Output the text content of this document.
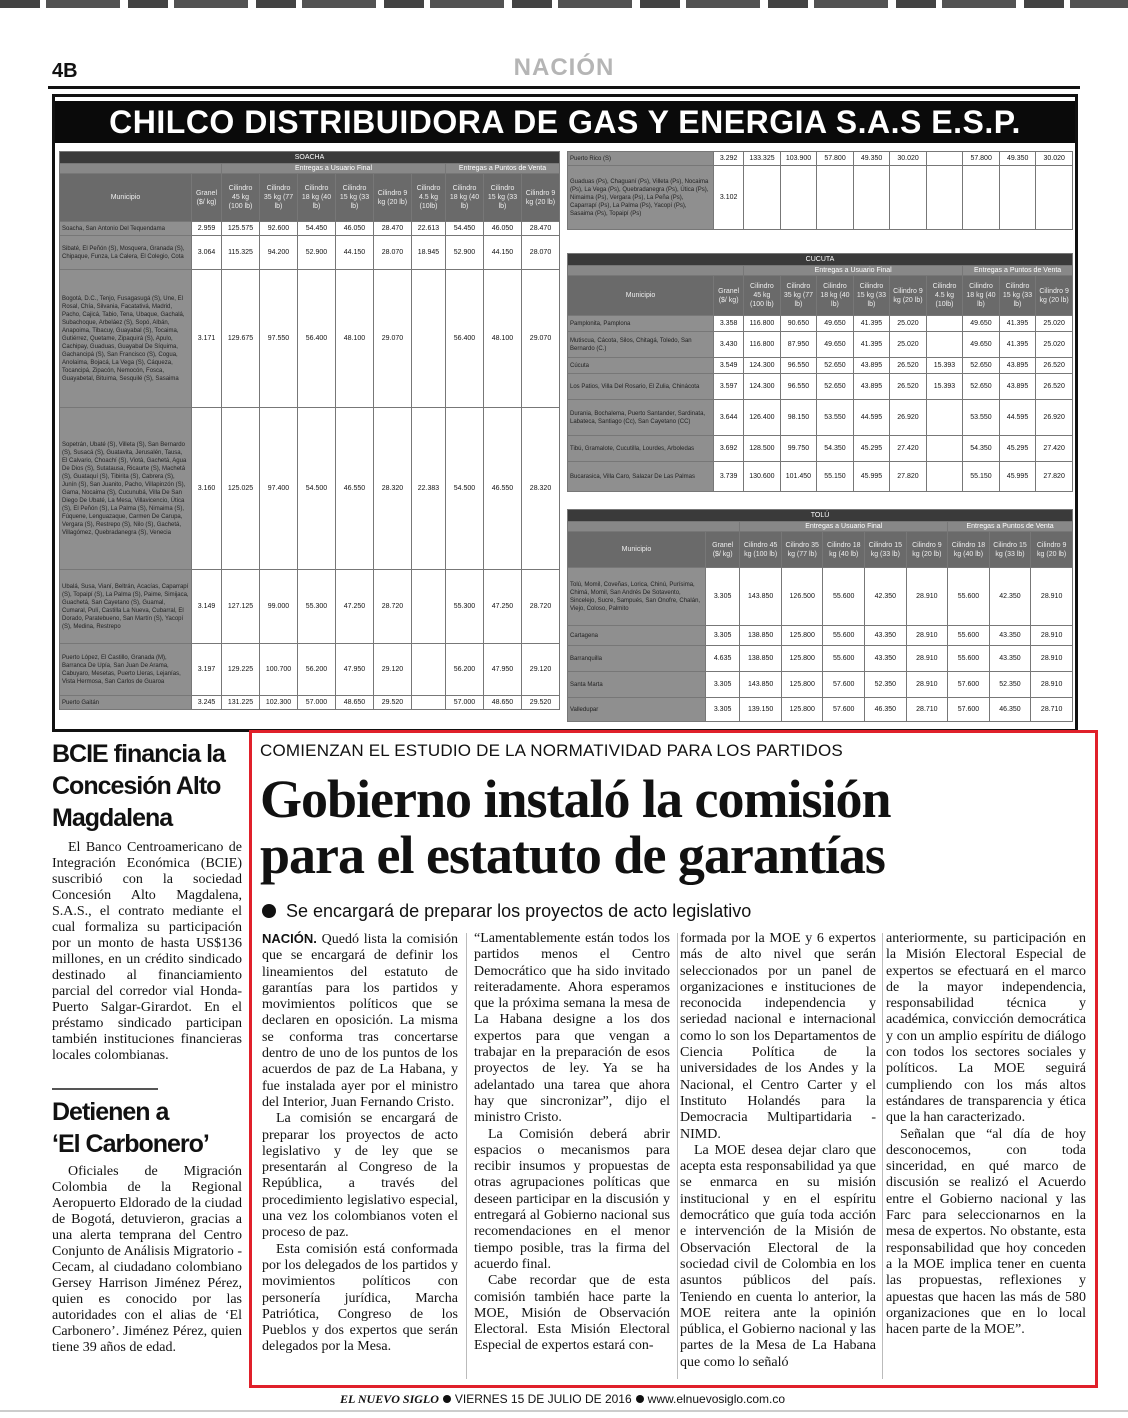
4B	NACIÓN
CHILCO DISTRIBUIDORA DE GAS Y ENERGIA S.A.S E.S.P.
SOACHA										
		Entregas a Usuario Final						Entregas a Puntos de Venta		
Municipio	Granel ($/ kg)	Cilindro 45 kg (100 lb)	Cilindro 35 kg (77 lb)	Cilindro 18 kg (40 lb)	Cilindro 15 kg (33 lb)	Cilindro 9 kg (20 lb)	Cilindro 4.5 kg (10lb)	Cilindro 18 kg (40 lb)	Cilindro 15 kg (33 lb)	Cilindro 9 kg (20 lb)
Soacha, San Antonio Del Tequendama	2.959	125.575	92.600	54.450	46.050	28.470	22.613	54.450	46.050	28.470
Sibaté, El Peñón (S), Mosquera, Granada (S), Chipaque, Funza, La Calera, El Colegio, Cota	3.064	115.325	94.200	52.900	44.150	28.070	18.945	52.900	44.150	28.070
Bogotá, D.C., Tenjo, Fusagasugá (S), Une, El Rosal, Chía, Silvania, Facatativá, Madrid, Pacho, Cajicá, Tabio, Tena, Ubaque, Gachalá, Subachoque, Arbeláez (S), Sopó, Albán, Anapoima, Tibacuy, Guayabal (S), Tocaima, Gutiérrez, Quetame, Zipaquirá (S), Apulo, Cachipay, Guaduas, Guayabal De Síquima, Gachancipá (S), San Francisco (S), Cogua, Anolaima, Bojacá, La Vega (S), Cáqueza, Tocancipá, Zipacón, Nemocón, Fosca, Guayabetal, Bituima, Sesquilé (S), Sasaima	3.171	129.675	97.550	56.400	48.100	29.070		56.400	48.100	29.070
Sopetrán, Ubaté (S), Villeta (S), San Bernardo (S), Susacá (S), Guatavita, Jerusalén, Tausa, El Calvario, Choachí (S), Viotá, Gachetá, Agua De Dios (S), Sutatausa, Ricaurte (S), Machetá (S), Guataquí (S), Tibirita (S), Cabrera (S), Junín (S), San Juanito, Pacho, Villapinzón (S), Gama, Nocaima (S), Cucunubá, Villa De San Diego De Ubaté, La Mesa, Villavicencio, Útica (S), El Peñón (S), La Palma (S), Nimaima (S), Fúquene, Lenguazaque, Carmen De Carupa, Vergara (S), Restrepo (S), Nilo (S), Gachetá, Villagómez, Quebradanegra (S), Venecia	3.160	125.025	97.400	54.500	46.550	28.320	22.383	54.500	46.550	28.320
Ubalá, Susa, Vianí, Beltrán, Acacías, Caparrapí (S), Topaipí (S), La Palma (S), Paime, Simijaca, Guachetá, San Cayetano (S), Guamal, Cumaral, Pulí, Castilla La Nueva, Cubarral, El Dorado, Paratebueno, San Martín (S), Yacopí (S), Medina, Restrepo	3.149	127.125	99.000	55.300	47.250	28.720		55.300	47.250	28.720
Puerto López, El Castillo, Granada (M), Barranca De Upía, San Juan De Arama, Cabuyaro, Mesetas, Puerto Lleras, Lejanías, Vista Hermosa, San Carlos de Guaroa	3.197	129.225	100.700	56.200	47.950	29.120		56.200	47.950	29.120
Puerto Gaitán	3.245	131.225	102.300	57.000	48.650	29.520		57.000	48.650	29.520
Puerto Rico (S)	3.292	133.325	103.900	57.800	49.350	30.020		57.800	49.350	30.020
Guaduas (Ps), Chaguaní (Ps), Villeta (Ps), Nocaima (Ps), La Vega (Ps), Quebradanegra (Ps), Útica (Ps), Nimaima (Ps), Vergara (Ps), La Peña (Ps), Caparrapí (Ps), La Palma (Ps), Yacopí (Ps), Sasaima (Ps), Topaipí (Ps)	3.102									
CUCUTA										
		Entregas a Usuario Final						Entregas a Puntos de Venta		
Municipio	Granel ($/ kg)	Cilindro 45 kg (100 lb)	Cilindro 35 kg (77 lb)	Cilindro 18 kg (40 lb)	Cilindro 15 kg (33 lb)	Cilindro 9 kg (20 lb)	Cilindro 4.5 kg (10lb)	Cilindro 18 kg (40 lb)	Cilindro 15 kg (33 lb)	Cilindro 9 kg (20 lb)
Pamplonita, Pamplona	3.358	116.800	90.650	49.650	41.395	25.020		49.650	41.395	25.020
Mutiscua, Cácota, Silos, Chitagá, Toledo, San Bernardo (C.)	3.430	116.800	87.950	49.650	41.395	25.020		49.650	41.395	25.020
Cúcuta	3.549	124.300	96.550	52.650	43.895	26.520	15.393	52.650	43.895	26.520
Los Patios, Villa Del Rosario, El Zulia, Chinácota	3.597	124.300	96.550	52.650	43.895	26.520	15.393	52.650	43.895	26.520
Durania, Bochalema, Puerto Santander, Sardinata, Labateca, Santiago (Cc), San Cayetano (CC)	3.644	126.400	98.150	53.550	44.595	26.920		53.550	44.595	26.920
Tibú, Gramalote, Cucutilla, Lourdes, Arboledas	3.692	128.500	99.750	54.350	45.295	27.420		54.350	45.295	27.420
Bucarasica, Villa Caro, Salazar De Las Palmas	3.739	130.600	101.450	55.150	45.995	27.820		55.150	45.995	27.820
TOLÚ									
		Entregas a Usuario Final					Entregas a Puntos de Venta		
Municipio	Granel ($/ kg)	Cilindro 45 kg (100 lb)	Cilindro 35 kg (77 lb)	Cilindro 18 kg (40 lb)	Cilindro 15 kg (33 lb)	Cilindro 9 kg (20 lb)	Cilindro 18 kg (40 lb)	Cilindro 15 kg (33 lb)	Cilindro 9 kg (20 lb)
Tolú, Momil, Coveñas, Lorica, Chinú, Purísima, Chimá, Momil, San Andrés De Sotavento, Sincelejo, Sucre, Sampués, San Onofre, Chalán, Viejo, Coloso, Palmito	3.305	143.850	126.500	55.600	42.350	28.910	55.600	42.350	28.910
Cartagena	3.305	138.850	125.800	55.600	43.350	28.910	55.600	43.350	28.910
Barranquilla	4.635	138.850	125.800	55.600	43.350	28.910	55.600	43.350	28.910
Santa Marta	3.305	143.850	125.800	57.600	52.350	28.910	57.600	52.350	28.910
Valledupar	3.305	139.150	125.800	57.600	46.350	28.710	57.600	46.350	28.710
BCIE financia la
Concesión Alto
Magdalena

El Banco Centroamericano de Integración Económica (BCIE) suscribió con la sociedad Concesión Alto Magdalena, S.A.S., el contrato mediante el cual formaliza su participación por un monto de hasta US$136 millones, en un crédito sindicado destinado al financiamiento parcial del corredor vial Honda-Puerto Salgar-Girardot. En el préstamo sindicado participan también instituciones financieras locales colombianas.

Detienen a
‘El Carbonero’

Oficiales de Migración Colombia de la Regional Aeropuerto Eldorado de la ciudad de Bogotá, detuvieron, gracias a una alerta temprana del Centro Conjunto de Análisis Migratorio - Cecam, al ciudadano colombiano Gersey Harrison Jiménez Pérez, quien es conocido por las autoridades con el alias de ‘El Carbonero’. Jiménez Pérez, quien tiene 39 años de edad.

COMIENZAN EL ESTUDIO DE LA NORMATIVIDAD PARA LOS PARTIDOS
Gobierno instaló la comisión
para el estatuto de garantías
Se encargará de preparar los proyectos de acto legislativo

NACIÓN. Quedó lista la comisión que se encargará de definir los lineamientos del estatuto de garantías para los partidos y movimientos políticos que se declaren en oposición. La misma se conforma tras concertarse dentro de uno de los puntos de los acuerdos de paz de La Habana, y fue instalada ayer por el ministro del Interior, Juan Fernando Cristo.

La comisión se encargará de preparar los proyectos de acto legislativo y de ley que se presentarán al Congreso de la República, a través del procedimiento legislativo especial, una vez los colombianos voten el proceso de paz.

Esta comisión está conformada por los delegados de los partidos y movimientos políticos con personería jurídica, Marcha Patriótica, Congreso de los Pueblos y dos expertos que serán delegados por la Mesa.

“Lamentablemente están todos los partidos menos el Centro Democrático que ha sido invitado reiteradamente. Ahora esperamos que la próxima semana la mesa de La Habana designe a los dos expertos para que vengan a trabajar en la preparación de esos proyectos de ley. Ya se ha adelantado una tarea que ahora hay que sincronizar”, dijo el ministro Cristo.

La Comisión deberá abrir espacios o mecanismos para recibir insumos y propuestas de otras agrupaciones políticas que deseen participar en la discusión y entregará al Gobierno nacional sus recomendaciones en el menor tiempo posible, tras la firma del acuerdo final.

Cabe recordar que de esta comisión también hace parte la MOE, Misión de Observación Electoral. Esta Misión Electoral Especial de expertos estará con-

formada por la MOE y 6 expertos más de alto nivel que serán seleccionados por un panel de organizaciones e instituciones de reconocida independencia y seriedad nacional e internacional como lo son los Departamentos de Ciencia Política de la universidades de los Andes y la Nacional, el Centro Carter y el Instituto Holandés para la Democracia Multipartidaria - NIMD.

La MOE desea dejar claro que acepta esta responsabilidad ya que se enmarca en su misión institucional y en el espíritu democrático que guía toda acción e intervención de la Misión de Observación Electoral de la sociedad civil de Colombia en los asuntos públicos del país. Teniendo en cuenta lo anterior, la MOE reitera ante la opinión pública, el Gobierno nacional y las partes de la Mesa de La Habana que como lo señaló

anteriormente, su participación en la Misión Electoral Especial de expertos se efectuará en el marco de la mayor independencia, responsabilidad técnica y académica, convicción democrática y con un amplio espíritu de diálogo con todos los sectores sociales y políticos. La MOE seguirá cumpliendo con los más altos estándares de transparencia y ética que la han caracterizado.

Señalan que “al día de hoy desconocemos, con toda sinceridad, en qué marco de discusión se realizó el Acuerdo entre el Gobierno nacional y las Farc para seleccionarnos en la mesa de expertos. No obstante, esta responsabilidad que hoy conceden a la MOE implica tener en cuenta las propuestas, reflexiones y apuestas que hacen las más de 580 organizaciones que en lo local hacen parte de la MOE”.

EL NUEVO SIGLO VIERNES 15 DE JULIO DE 2016 www.elnuevosiglo.com.co
